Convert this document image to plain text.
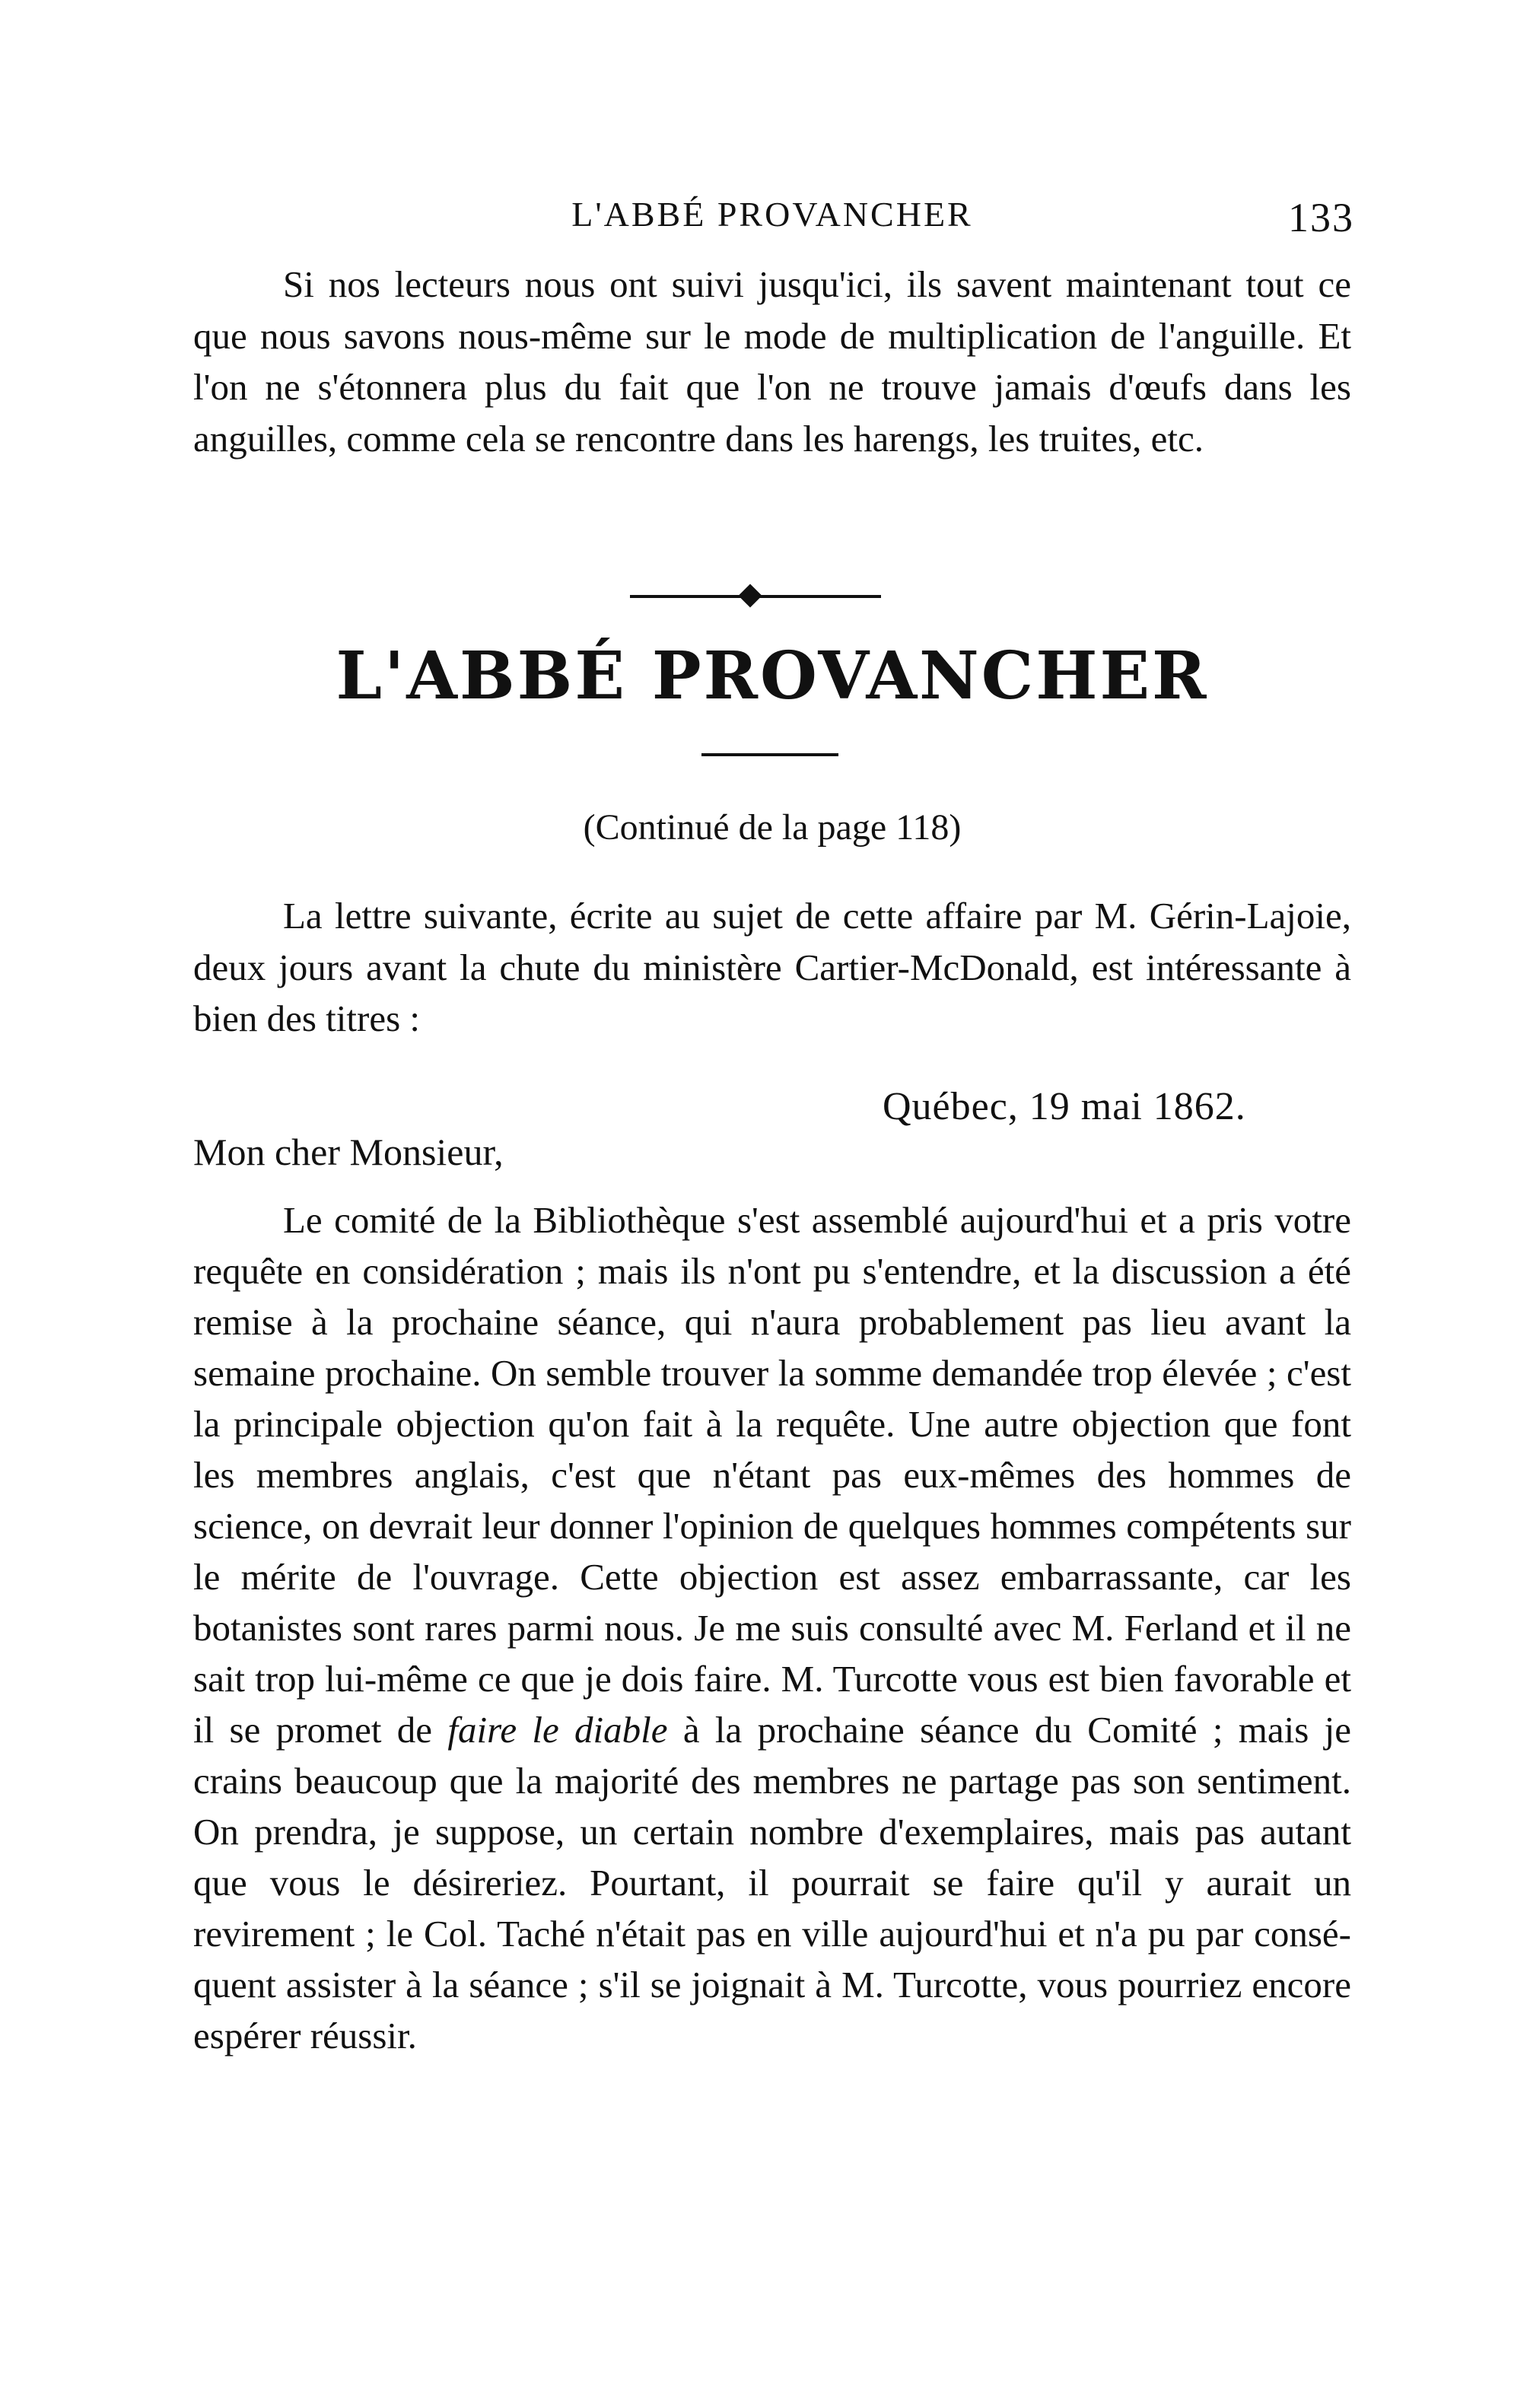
L'ABBÉ PROVANCHER	133

Si nos lecteurs nous ont suivi jusqu'ici, ils savent maintenant tout ce que nous savons nous-même sur le mode de multiplication de l'anguille. Et l'on ne s'étonnera plus du fait que l'on ne trouve jamais d'œufs dans les anguilles, comme cela se rencontre dans les harengs, les truites, etc.

L'ABBÉ PROVANCHER
(Continué de la page 118)

La lettre suivante, écrite au sujet de cette affaire par M. Gérin-Lajoie, deux jours avant la chute du ministère Cartier-McDonald, est intéressante à bien des titres :

Québec, 19 mai 1862.
Mon cher Monsieur,

Le comité de la Bibliothèque s'est assemblé aujourd'hui et a pris votre requête en considération ; mais ils n'ont pu s'entendre, et la discussion a été remise à la prochaine séance, qui n'aura probablement pas lieu avant la semaine prochaine. On semble trouver la somme demandée trop élevée ; c'est la principale objection qu'on fait à la requête. Une autre objection que font les membres anglais, c'est que n'étant pas eux-mêmes des hommes de science, on devrait leur donner l'opinion de quelques hommes compétents sur le mérite de l'ouvrage. Cette objection est assez embarrassante, car les botanistes sont rares parmi nous. Je me suis consulté avec M. Ferland et il ne sait trop lui-même ce que je dois faire. M. Turcotte vous est bien favorable et il se promet de faire le diable à la prochaine séance du Comité ; mais je crains beaucoup que la majorité des membres ne partage pas son sentiment. On prendra, je suppose, un certain nombre d'exemplaires, mais pas autant que vous le désireriez. Pourtant, il pourrait se faire qu'il y aurait un revirement ; le Col. Taché n'était pas en ville aujourd'hui et n'a pu par conséquent assister à la séance ; s'il se joignait à M. Turcotte, vous pourriez encore espérer réussir.
